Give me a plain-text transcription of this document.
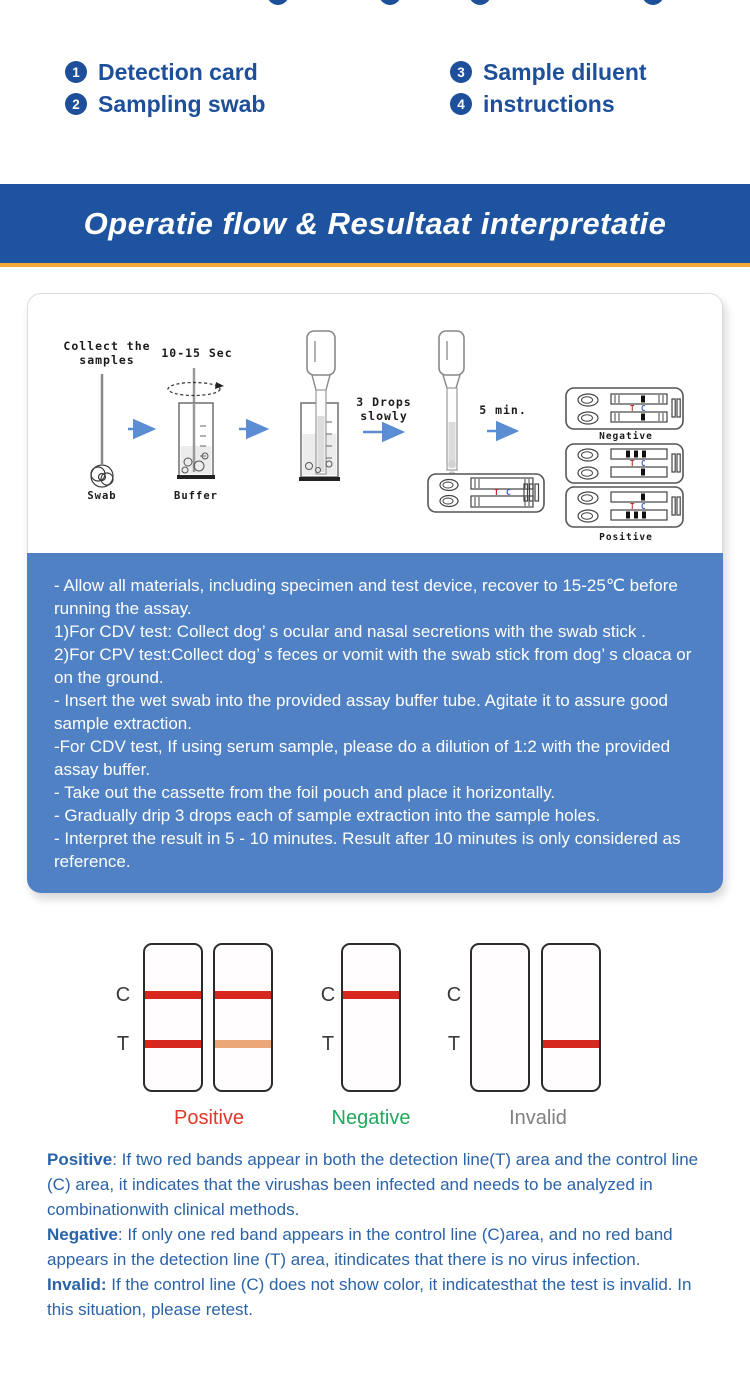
1 Detection card
2 Sampling swab
3 Sample diluent
4 instructions
Operatie flow & Resultaat interpretatie
Collect the
samples
Swab
10-15 Sec
Buffer
3 Drops
slowly	5 min.
T C
T C
Negative
T C
T C
Positive
- Allow all materials, including specimen and test device, recover to 15-25℃ before running the assay.
1)For CDV test: Collect dog’ s ocular and nasal secretions with the swab stick .
2)For CPV test:Collect dog’ s feces or vomit with the swab stick from dog’ s cloaca or on the ground.
- Insert the wet swab into the provided assay buffer tube. Agitate it to assure good sample extraction.
-For CDV test, If using serum sample, please do a dilution of 1:2 with the provided assay buffer.
- Take out the cassette from the foil pouch and place it horizontally.
- Gradually drip 3 drops each of sample extraction into the sample holes.
- Interpret the result in 5 - 10 minutes. Result after 10 minutes is only considered as reference.
C
T
Positive
C
T
Negative
C
T
Invalid
Positive: If two red bands appear in both the detection line(T) area and the control line (C) area, it indicates that the virushas been infected and needs to be analyzed in combinationwith clinical methods.
Negative: If only one red band appears in the control line (C)area, and no red band appears in the detection line (T) area, itindicates that there is no virus infection.
Invalid: If the control line (C) does not show color, it indicatesthat the test is invalid. In this situation, please retest.
